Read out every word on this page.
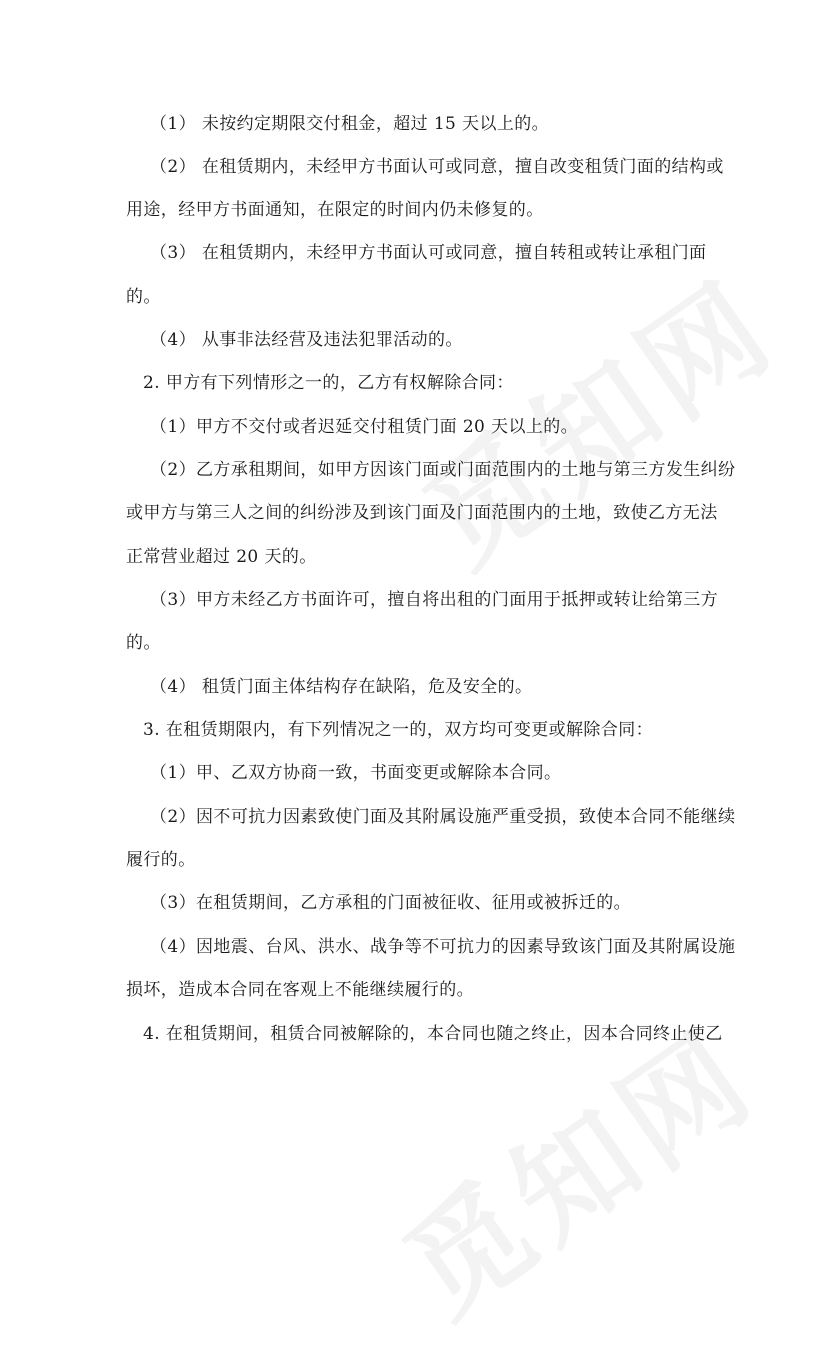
（1） 未按约定期限交付租金，超过 15 天以上的。
（2） 在租赁期内，未经甲方书面认可或同意，擅自改变租赁门面的结构或
用途，经甲方书面通知，在限定的时间内仍未修复的。
（3） 在租赁期内，未经甲方书面认可或同意，擅自转租或转让承租门面
的。
（4） 从事非法经营及违法犯罪活动的。
2. 甲方有下列情形之一的，乙方有权解除合同：
（1）甲方不交付或者迟延交付租赁门面 20 天以上的。
（2）乙方承租期间，如甲方因该门面或门面范围内的土地与第三方发生纠纷
或甲方与第三人之间的纠纷涉及到该门面及门面范围内的土地，致使乙方无法
正常营业超过 20 天的。
（3）甲方未经乙方书面许可，擅自将出租的门面用于抵押或转让给第三方
的。
（4） 租赁门面主体结构存在缺陷，危及安全的。
3. 在租赁期限内，有下列情况之一的，双方均可变更或解除合同：
（1）甲、乙双方协商一致，书面变更或解除本合同。
（2）因不可抗力因素致使门面及其附属设施严重受损，致使本合同不能继续
履行的。
（3）在租赁期间，乙方承租的门面被征收、征用或被拆迁的。
（4）因地震、台风、洪水、战争等不可抗力的因素导致该门面及其附属设施
损坏，造成本合同在客观上不能继续履行的。
4. 在租赁期间，租赁合同被解除的，本合同也随之终止，因本合同终止使乙
